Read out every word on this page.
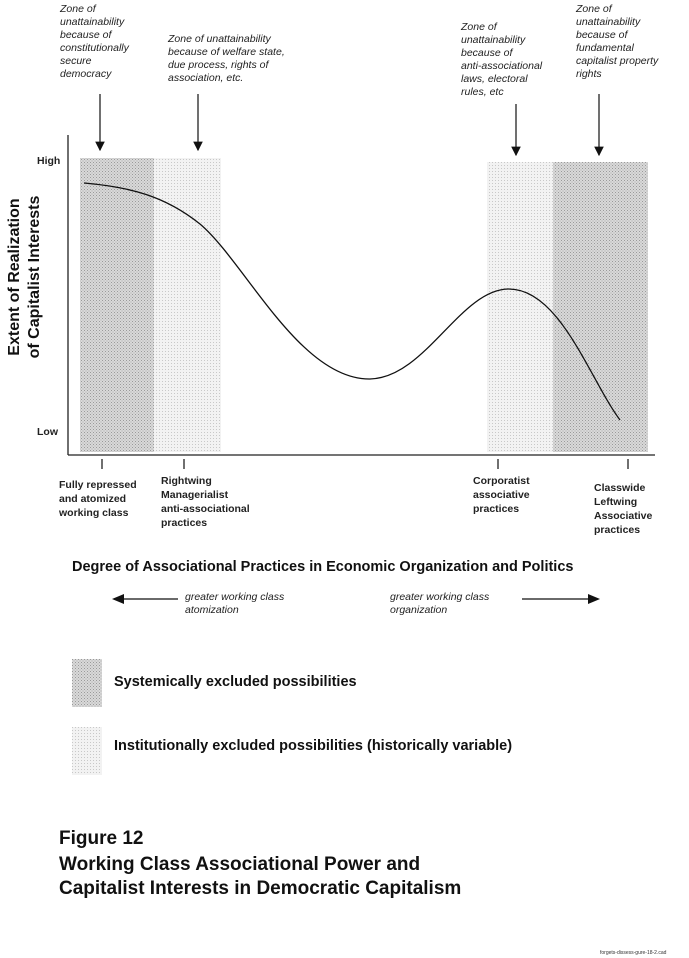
Zone of
unattainability
because of
constitutionally
secure
democracy
Zone of unattainability
because of welfare state,
due process, rights of
association, etc.
Zone of
unattainability
because of
anti-associational
laws, electoral
rules, etc
Zone of
unattainability
because of
fundamental
capitalist property
rights
High
Low
Extent of Realization
of Capitalist Interests
Fully repressed
and atomized
working class
Rightwing
Managerialist
anti-associational
practices
Corporatist
associative
practices
Classwide
Leftwing
Associative
practices
Degree of Associational Practices in Economic Organization and Politics
greater working class
atomization
greater working class
organization
Systemically excluded possibilities
Institutionally excluded possibilities (historically variable)
Figure 12
Working Class Associational Power and
Capitalist Interests in Democratic Capitalism
forgets-dissess-gure-18-2.cad
